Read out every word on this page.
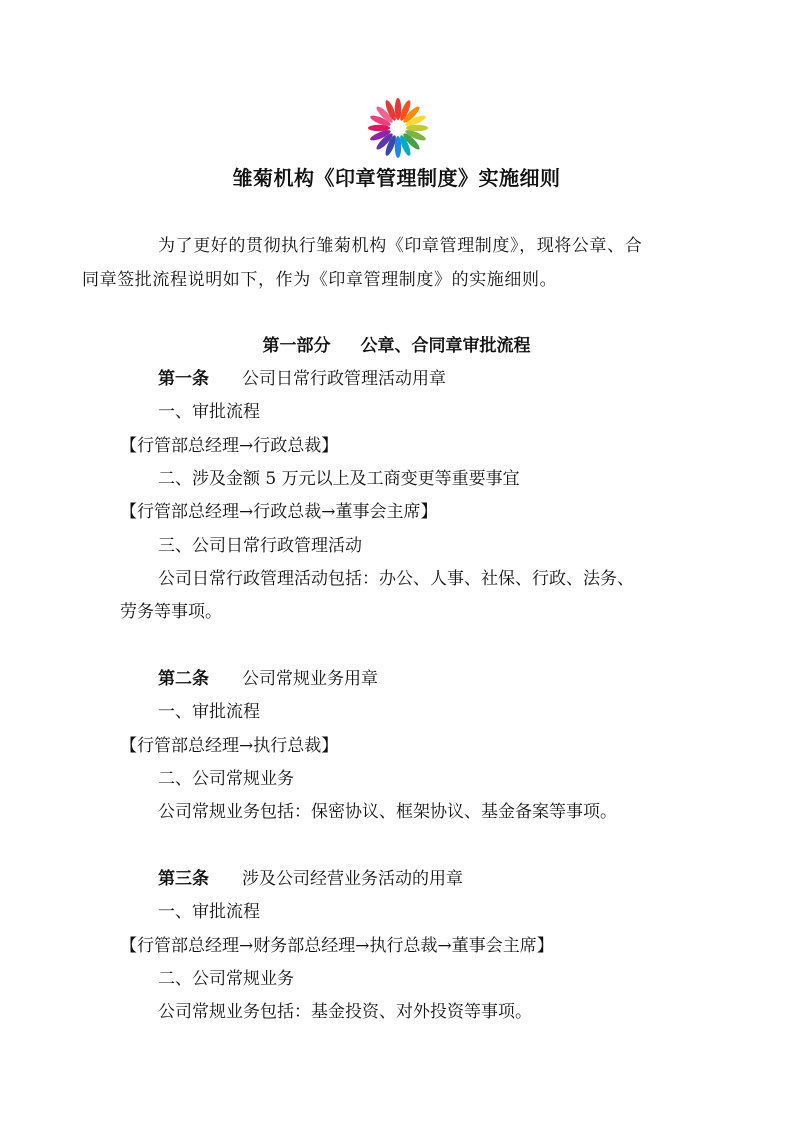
雏菊机构《印章管理制度》实施细则
为了更好的贯彻执行雏菊机构《印章管理制度》，现将公章、合
同章签批流程说明如下，作为《印章管理制度》的实施细则。
第一部分 公章、合同章审批流程
第一条 公司日常行政管理活动用章
一、审批流程
【行管部总经理→行政总裁】
二、涉及金额 5 万元以上及工商变更等重要事宜
【行管部总经理→行政总裁→董事会主席】
三、公司日常行政管理活动
公司日常行政管理活动包括：办公、人事、社保、行政、法务、
劳务等事项。
第二条 公司常规业务用章
一、审批流程
【行管部总经理→执行总裁】
二、公司常规业务
公司常规业务包括：保密协议、框架协议、基金备案等事项。
第三条 涉及公司经营业务活动的用章
一、审批流程
【行管部总经理→财务部总经理→执行总裁→董事会主席】
二、公司常规业务
公司常规业务包括：基金投资、对外投资等事项。
